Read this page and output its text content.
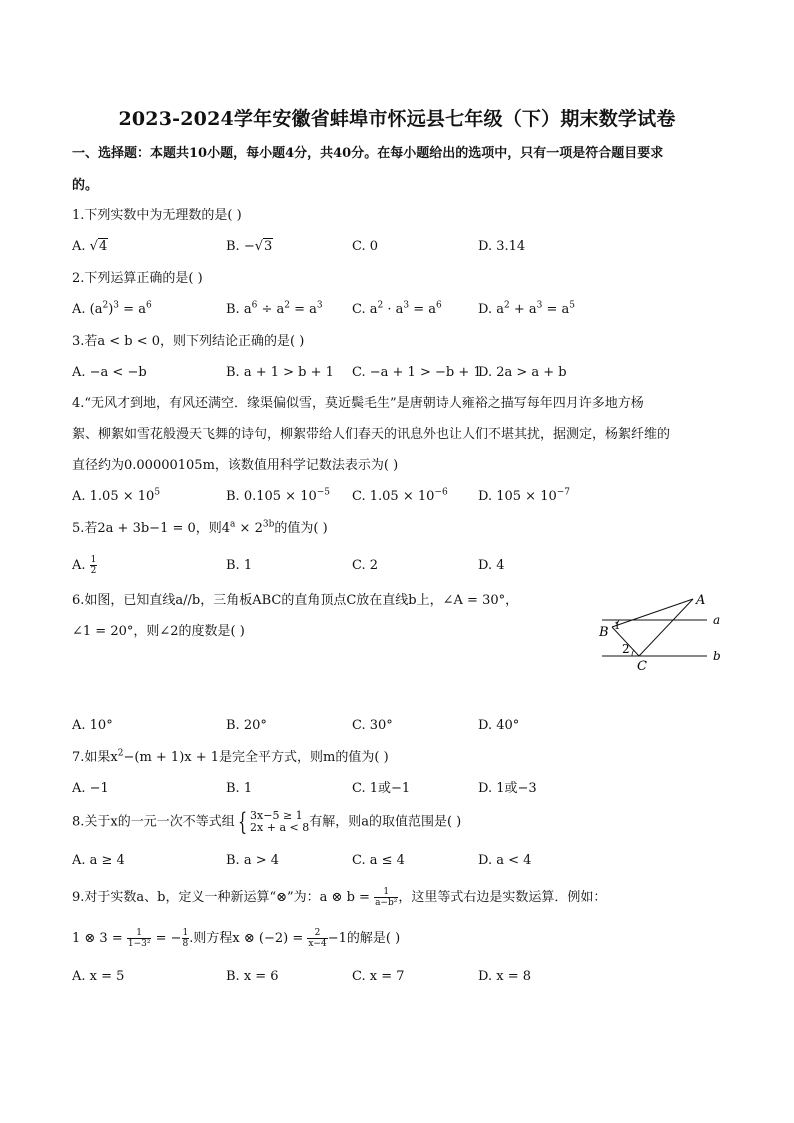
2023-2024学年安徽省蚌埠市怀远县七年级（下）期末数学试卷
一、选择题：本题共10小题，每小题4分，共40分。在每小题给出的选项中，只有一项是符合题目要求
的。
1.下列实数中为无理数的是( )
A. √4	B. −√3	C. 0	D. 3.14
2.下列运算正确的是( )
A. $(a^2)^3 = a^6$	B. $a^6 \div a^2 = a^3$ C. $a^2 \cdot a^3 = a^6$	D. $a^2 + a^3 = a^5$
3.若a < b < 0，则下列结论正确的是( )
A. −a < −b	B. a + 1 > b + 1 C. −a + 1 > −b + 1
D. 2a > a + b
4.“无风才到地，有风还满空．缘渠偏似雪，莫近鬓毛生”是唐朝诗人雍裕之描写每年四月许多地方杨
絮、柳絮如雪花般漫天飞舞的诗句，柳絮带给人们春天的讯息外也让人们不堪其扰，据测定，杨絮纤维的
直径约为0.00000105m，该数值用科学记数法表示为( )
A. $1.05 \times 10^5$	B. $0.105 \times 10^{-5}$ C. $1.05 \times 10^{-6}$ D. $105 \times 10^{-7}$
5.若2a + 3b−1 = 0，则$4^a \times 2^{3b}$的值为( )
A. $\frac{1}{2}$	B. 1	C. 2	D. 4
6.如图，已知直线a//b，三角板ABC的直角顶点C放在直线b上，∠A = 30°，
∠1 = 20°，则∠2的度数是( )
A
B
C
a
b
1
2
A. 10°	B. 20°	C. 30°	D. 40°
7.如果$x^2-(m + 1)x + 1$是完全平方式，则m的值为( )
A. −1	B. 1	C. 1或−1	D. 1或−3
8.关于x的一元一次不等式组 { 3x−5 ≥ 1
2x + a < 8 有解，则a的取值范围是( )
A. a ≥ 4	B. a > 4	C. a ≤ 4	D. a < 4
9.对于实数a、b，定义一种新运算“⊗”为：a ⊗ $b = \frac{1}{\text{a−b²}}$ ，这里等式右边是实数运算．例如：
1 ⊗ $3 = \frac{1}{\text{1−3²}}$ = − $\frac{1}{8}$ .则方程x ⊗ $(-2) = \frac{2}{x-4} -1$的解是( )
A. x = 5	B. x = 6	C. x = 7	D. x = 8
